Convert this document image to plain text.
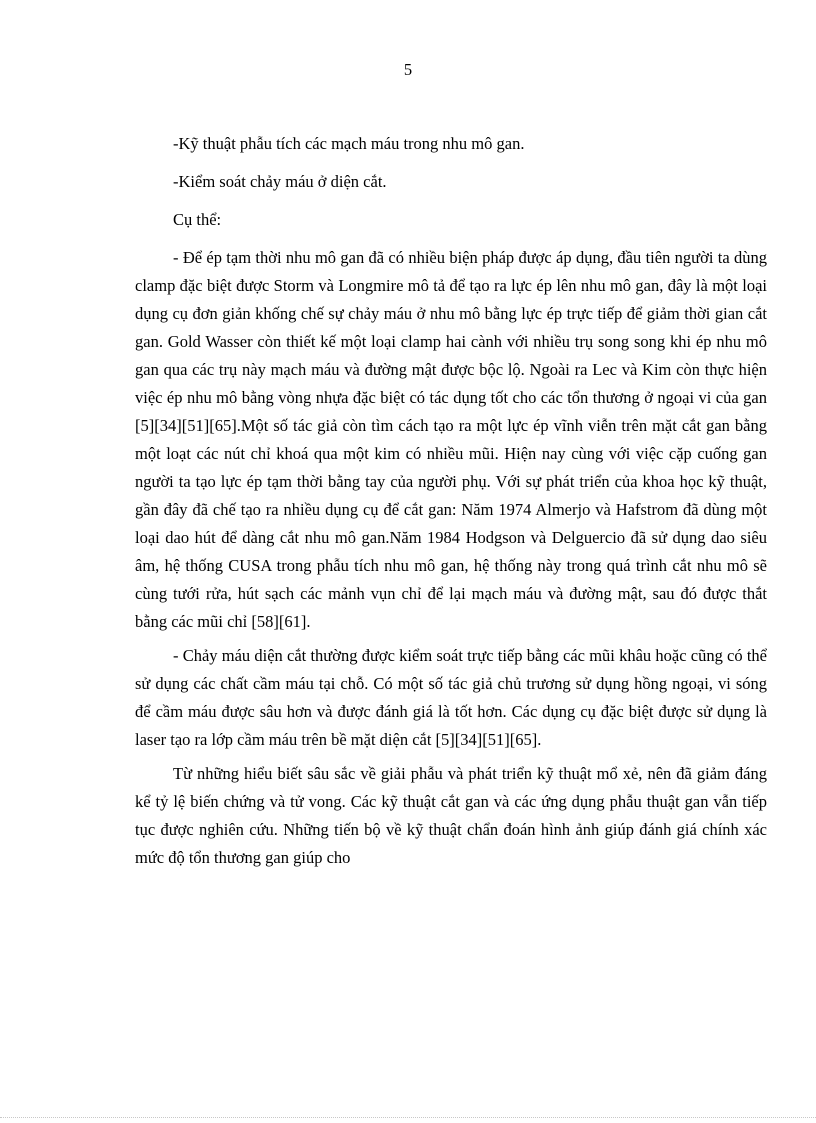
5

-Kỹ thuật phẫu tích các mạch máu trong nhu mô gan.

-Kiểm soát chảy máu ở diện cắt.

Cụ thể:

- Để ép tạm thời nhu mô gan đã có nhiều biện pháp được áp dụng, đầu tiên người ta dùng clamp đặc biệt được Storm và Longmire mô tả để tạo ra lực ép lên nhu mô gan, đây là một loại dụng cụ đơn giản khống chế sự chảy máu ở nhu mô bằng lực ép trực tiếp để giảm thời gian cắt gan. Gold Wasser còn thiết kế một loại clamp hai cành với nhiều trụ song song khi ép nhu mô gan qua các trụ này mạch máu và đường mật được bộc lộ. Ngoài ra Lec và Kim còn thực hiện việc ép nhu mô bằng vòng nhựa đặc biệt có tác dụng tốt cho các tổn thương ở ngoại vi của gan [5][34][51][65].Một số tác giả còn tìm cách tạo ra một lực ép vĩnh viễn trên mặt cắt gan bằng một loạt các nút chỉ khoá qua một kim có nhiều mũi. Hiện nay cùng với việc cặp cuống gan người ta tạo lực ép tạm thời bằng tay của người phụ. Với sự phát triển của khoa học kỹ thuật, gần đây đã chế tạo ra nhiều dụng cụ để cắt gan: Năm 1974 Almerjo và Hafstrom đã dùng một loại dao hút để dàng cắt nhu mô gan.Năm 1984 Hodgson và Delguercio đã sử dụng dao siêu âm, hệ thống CUSA trong phẫu tích nhu mô gan, hệ thống này trong quá trình cắt nhu mô sẽ cùng tưới rửa, hút sạch các mảnh vụn chỉ để lại mạch máu và đường mật, sau đó được thắt bằng các mũi chỉ [58][61].

- Chảy máu diện cắt thường được kiểm soát trực tiếp bằng các mũi khâu hoặc cũng có thể sử dụng các chất cầm máu tại chỗ. Có một số tác giả chủ trương sử dụng hồng ngoại, vi sóng để cầm máu được sâu hơn và được đánh giá là tốt hơn. Các dụng cụ đặc biệt được sử dụng là laser tạo ra lớp cầm máu trên bề mặt diện cắt [5][34][51][65].

Từ những hiểu biết sâu sắc về giải phẫu và phát triển kỹ thuật mổ xẻ, nên đã giảm đáng kể tỷ lệ biến chứng và tử vong. Các kỹ thuật cắt gan và các ứng dụng phẫu thuật gan vẫn tiếp tục được nghiên cứu. Những tiến bộ về kỹ thuật chẩn đoán hình ảnh giúp đánh giá chính xác mức độ tổn thương gan giúp cho
